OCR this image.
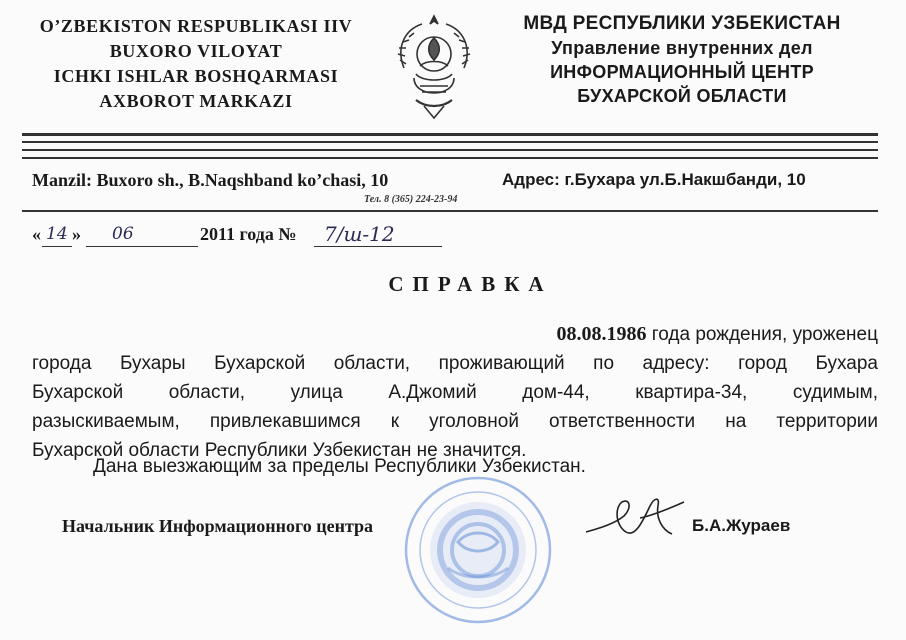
O’ZBEKISTON RESPUBLIKASI IIV
BUXORO VILOYAT
ICHKI ISHLAR BOSHQARMASI
AXBOROT MARKAZI
МВД РЕСПУБЛИКИ УЗБЕКИСТАН
Управление внутренних дел
ИНФОРМАЦИОННЫЙ ЦЕНТР
БУХАРСКОЙ ОБЛАСТИ
Manzil: Buxoro sh., B.Naqshband ko’chasi, 10	Адрес: г.Бухара ул.Б.Накшбанди, 10
Тел. 8 (365) 224-23-94
« 14 » 06	2011 года № 7/ш-12
СПРАВКА
08.08.1986 года рождения, уроженец
города Бухары Бухарской области, проживающий по адресу: город Бухара
Бухарской области, улица А.Джомий дом-44, квартира-34, судимым,
разыскиваемым, привлекавшимся к уголовной ответственности на территории
Бухарской области Республики Узбекистан не значится.
Дана выезжающим за пределы Республики Узбекистан.
Начальник Информационного центра	Б.А.Жураев
